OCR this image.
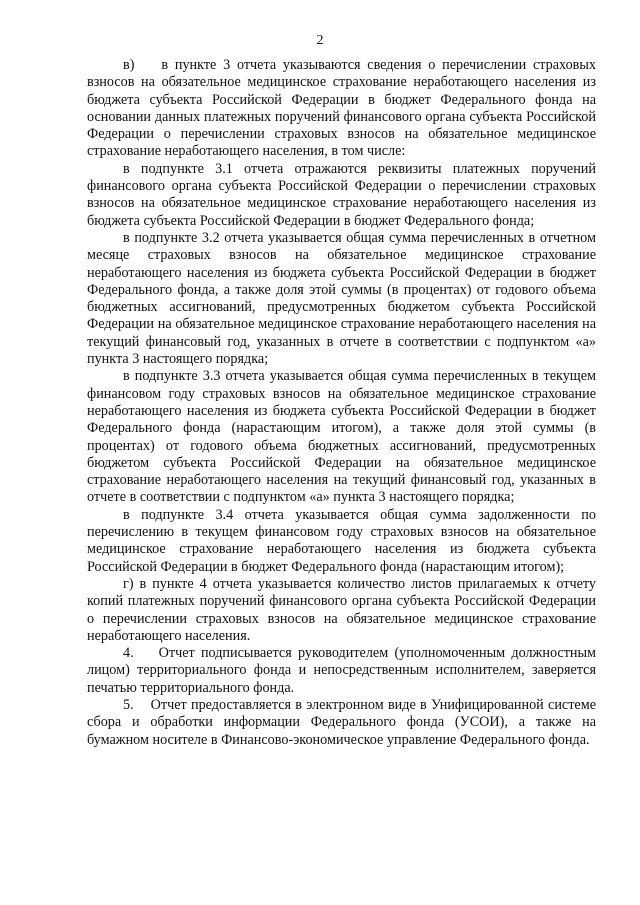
2

в)    в пункте 3 отчета указываются сведения о перечислении страховых взносов на обязательное медицинское страхование неработающего населения из бюджета субъекта Российской Федерации в бюджет Федерального фонда на основании данных платежных поручений финансового органа субъекта Российской Федерации о перечислении страховых взносов на обязательное медицинское страхование неработающего населения, в том числе:

в подпункте 3.1 отчета отражаются реквизиты платежных поручений финансового органа субъекта Российской Федерации о перечислении страховых взносов на обязательное медицинское страхование неработающего населения из бюджета субъекта Российской Федерации в бюджет Федерального фонда;

в подпункте 3.2 отчета указывается общая сумма перечисленных в отчетном месяце страховых взносов на обязательное медицинское страхование неработающего населения из бюджета субъекта Российской Федерации в бюджет Федерального фонда, а также доля этой суммы (в процентах) от годового объема бюджетных ассигнований, предусмотренных бюджетом субъекта Российской Федерации на обязательное медицинское страхование неработающего населения на текущий финансовый год, указанных в отчете в соответствии с подпунктом «а» пункта 3 настоящего порядка;

в подпункте 3.3 отчета указывается общая сумма перечисленных в текущем финансовом году страховых взносов на обязательное медицинское страхование неработающего населения из бюджета субъекта Российской Федерации в бюджет Федерального фонда (нарастающим итогом), а также доля этой суммы (в процентах) от годового объема бюджетных ассигнований, предусмотренных бюджетом субъекта Российской Федерации на обязательное медицинское страхование неработающего населения на текущий финансовый год, указанных в отчете в соответствии с подпунктом «а» пункта 3 настоящего порядка;

в подпункте 3.4 отчета указывается общая сумма задолженности по перечислению в текущем финансовом году страховых взносов на обязательное медицинское страхование неработающего населения из бюджета субъекта Российской Федерации в бюджет Федерального фонда (нарастающим итогом);

г) в пункте 4 отчета указывается количество листов прилагаемых к отчету копий платежных поручений финансового органа субъекта Российской Федерации о перечислении страховых взносов на обязательное медицинское страхование неработающего населения.

4.    Отчет подписывается руководителем (уполномоченным должностным лицом) территориального фонда и непосредственным исполнителем, заверяется печатью территориального фонда.

5.    Отчет предоставляется в электронном виде в Унифицированной системе сбора и обработки информации Федерального фонда (УСОИ), а также на бумажном носителе в Финансово-экономическое управление Федерального фонда.
